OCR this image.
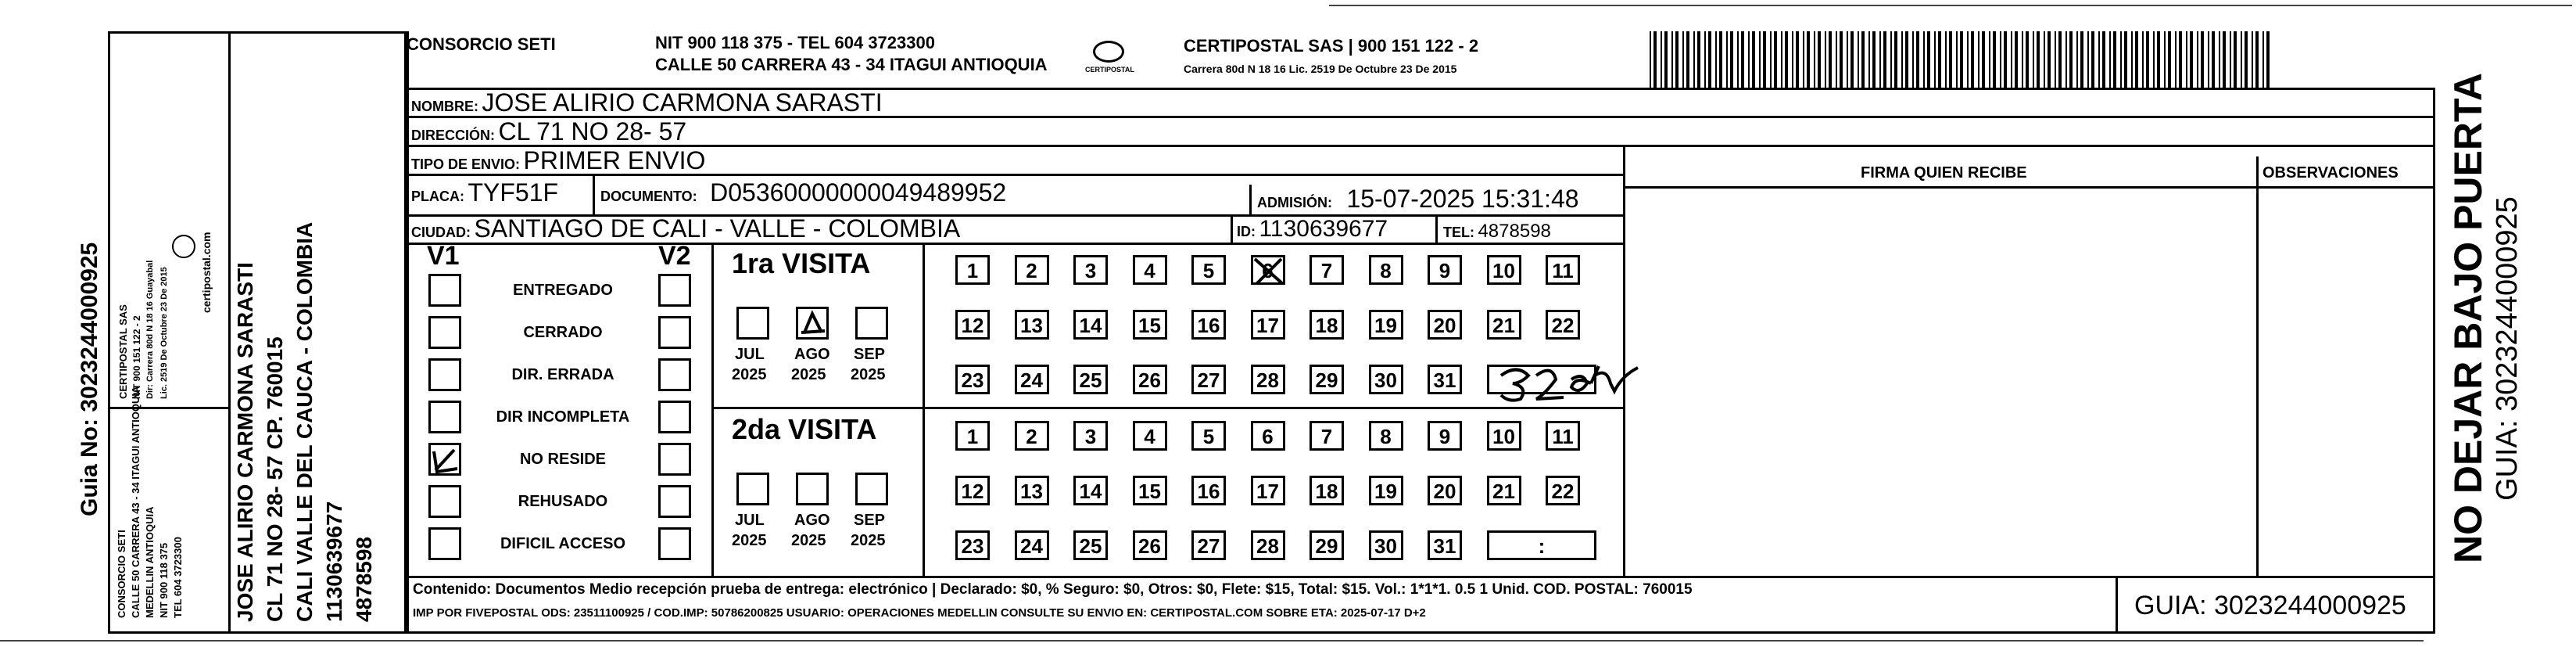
Guia No: 3023244000925
CONSORCIO SETI CALLE 50 CARRERA 43 - 34 ITAGUI ANTIOQUIA MEDELLIN ANTIOQUIA NIT 900 118 375 TEL 604 3723300
CERTIPOSTAL SAS NIT 900 151 122 - 2 Dir: Carrera 80d N 18 16 Guayabal Lic. 2519 De Octubre 23 De 2015	certipostal.com JOSE ALIRIO CARMONA SARASTI CL 71 NO 28- 57 CP. 760015 CALI VALLE DEL CAUCA - COLOMBIA 1130639677 4878598
CONSORCIO SETI	NIT 900 118 375 - TEL 604 3723300
CALLE 50 CARRERA 43 - 34 ITAGUI ANTIOQUIA	CERTIPOSTAL
CERTIPOSTAL SAS | 900 151 122 - 2
Carrera 80d N 18 16 Lic. 2519 De Octubre 23 De 2015
NOMBRE: JOSE ALIRIO CARMONA SARASTI
DIRECCIÓN: CL 71 NO 28- 57
TIPO DE ENVIO: PRIMER ENVIO
PLACA: TYF51F	DOCUMENTO: D05360000000049489952	ADMISIÓN: 15-07-2025 15:31:48
CIUDAD: SANTIAGO DE CALI - VALLE - COLOMBIA	ID: 1130639677	TEL: 4878598
FIRMA QUIEN RECIBE	OBSERVACIONES
V1	V2
ENTREGADO
CERRADO
DIR. ERRADA
DIR INCOMPLETA
NO RESIDE
REHUSADO
DIFICIL ACCESO
1ra VISITA
JUL
2025
AGO
2025
SEP
2025
1	2	3	4	5	6	7	8	9	10	11
12 13 14 15 16 17 18 19 20 21 22
23 24 25 26 27 28 29 30 31
2da VISITA
JUL
2025
AGO
2025
SEP
2025
1	2	3	4	5	6	7	8	9	10	11
12 13 14 15 16 17 18 19 20 21 22
23 24 25 26 27 28 29 30 31	:
Contenido: Documentos Medio recepción prueba de entrega: electrónico | Declarado: $0, % Seguro: $0, Otros: $0, Flete: $15, Total: $15. Vol.: 1*1*1. 0.5 1 Unid. COD. POSTAL: 760015
IMP POR FIVEPOSTAL ODS: 23511100925 / COD.IMP: 50786200825 USUARIO: OPERACIONES MEDELLIN CONSULTE SU ENVIO EN: CERTIPOSTAL.COM SOBRE ETA: 2025-07-17 D+2	GUIA: 3023244000925
NO DEJAR BAJO PUERTA GUIA: 3023244000925
